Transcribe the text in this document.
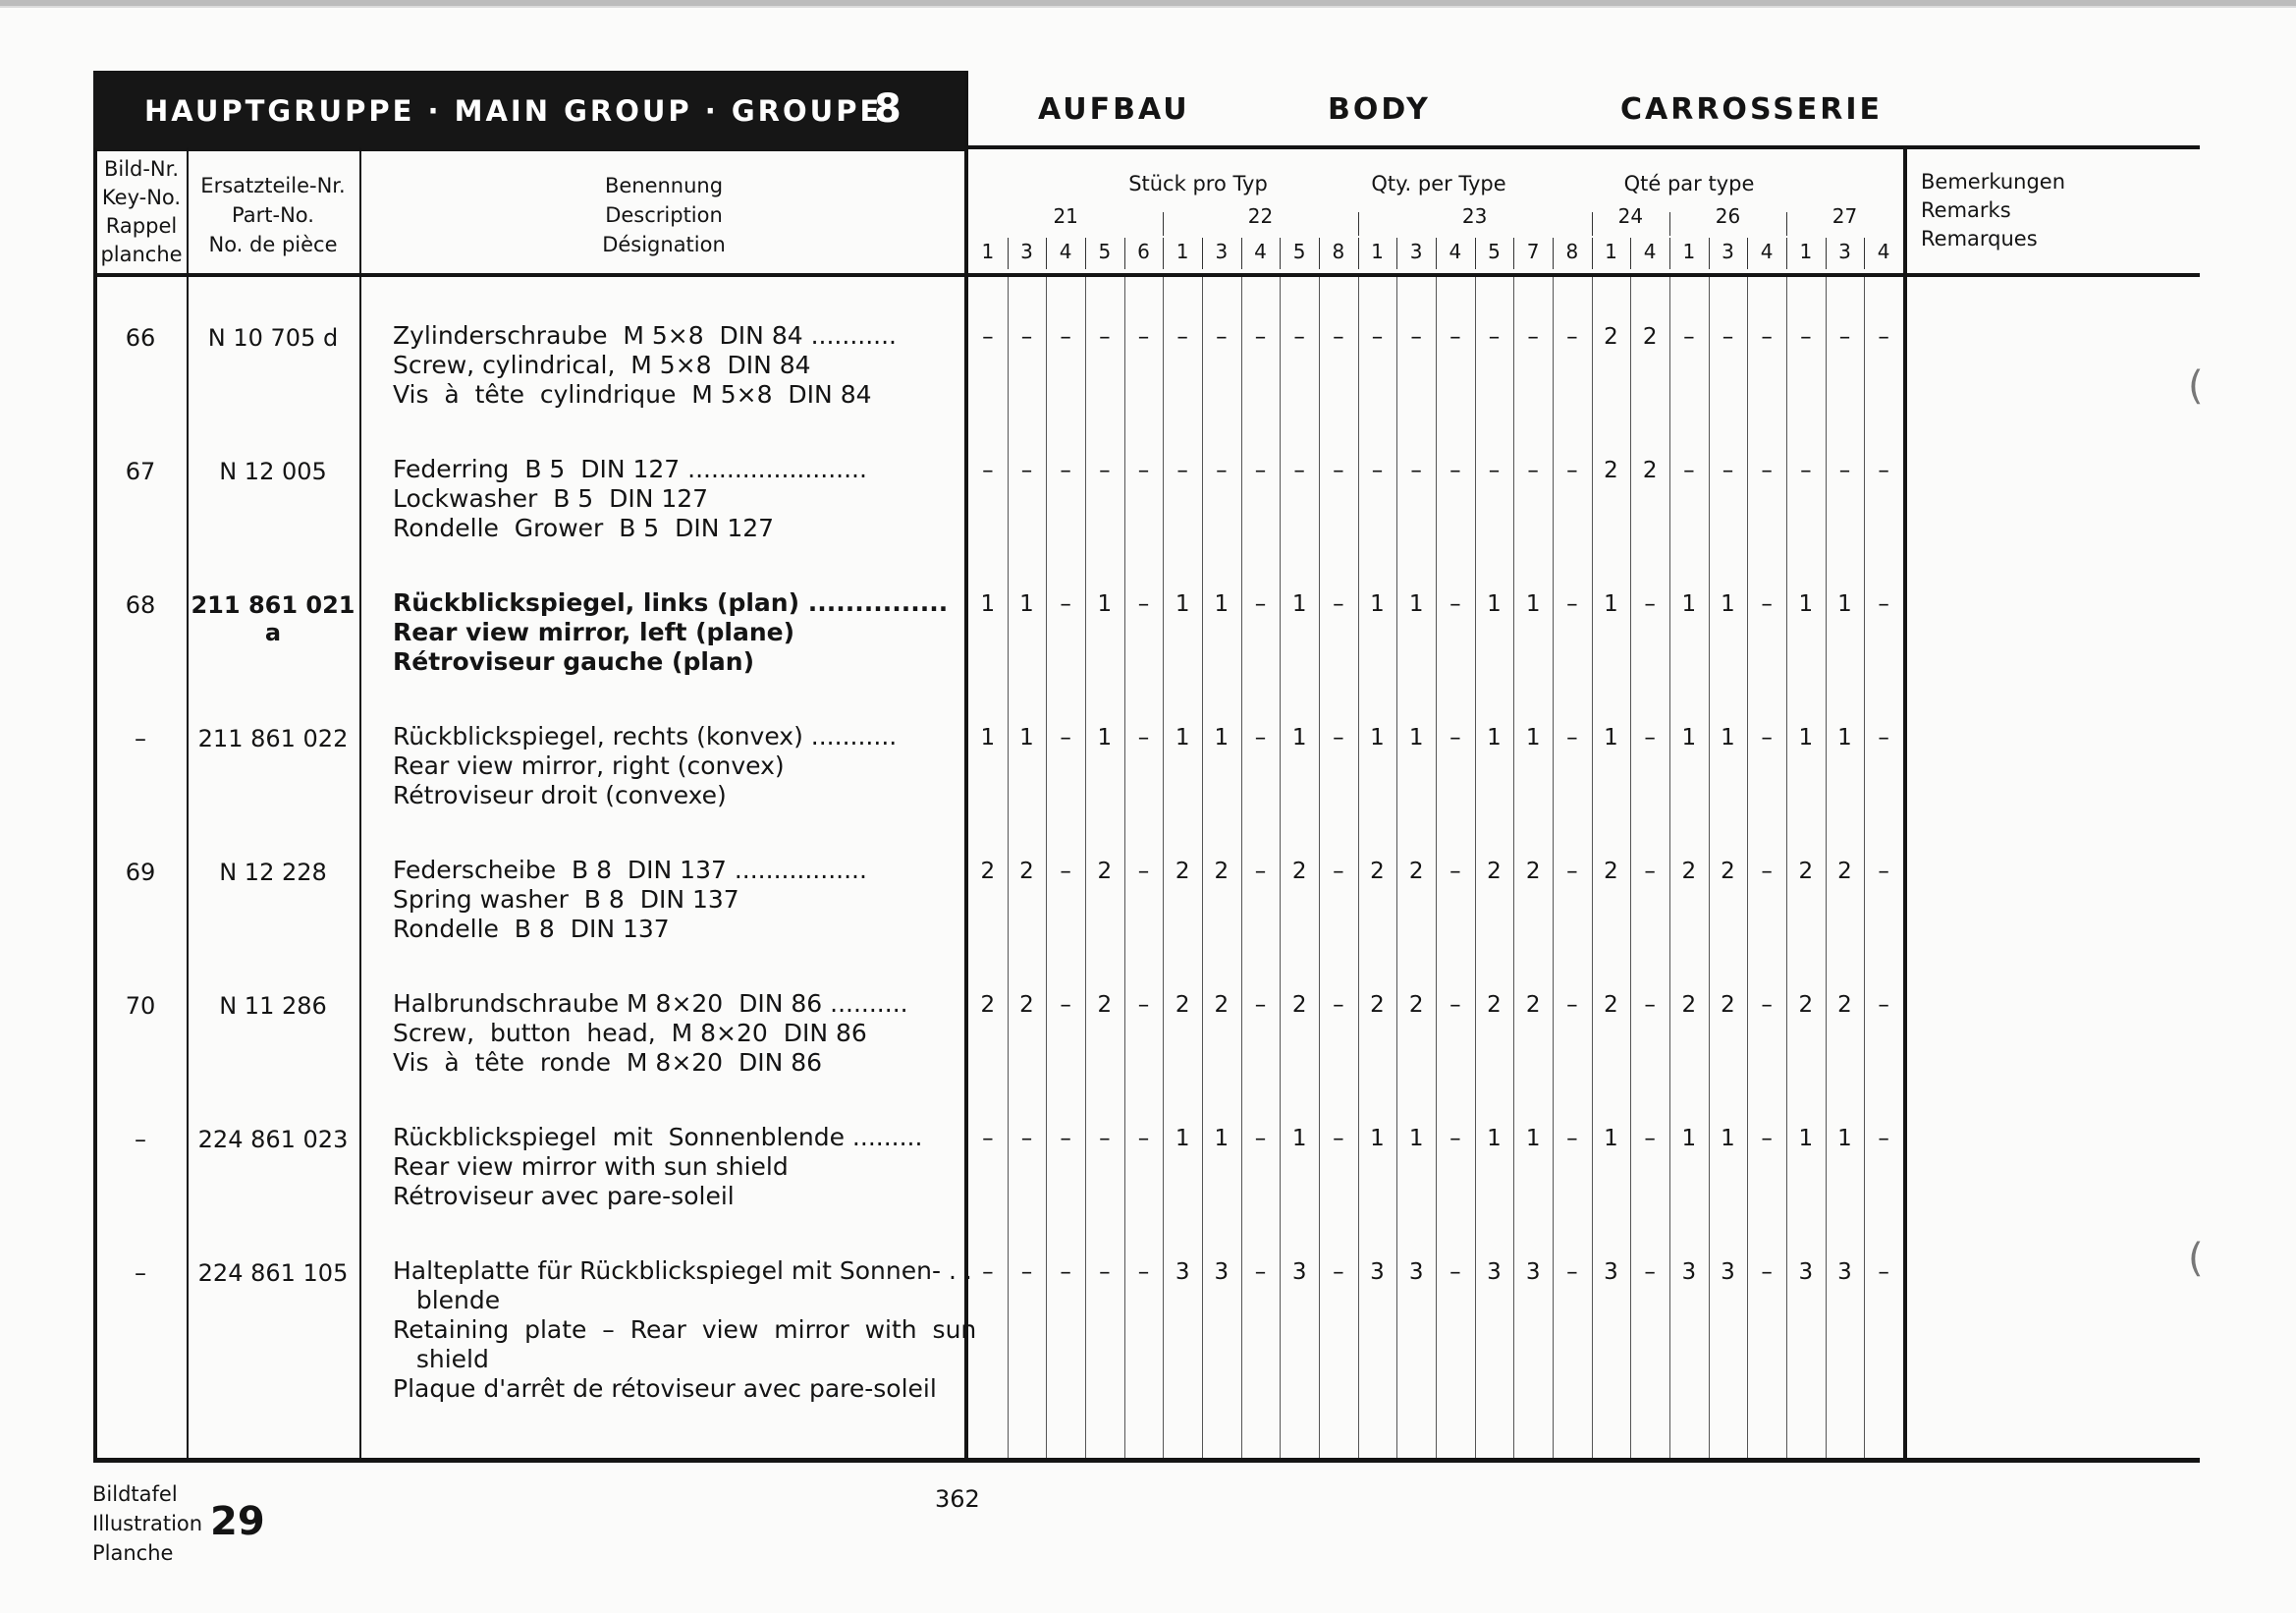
HAUPTGRUPPE · MAIN GROUP · GROUPE
8	AUFBAU	BODY	CARROSSERIE
Bild-Nr.
Key-No.
Rappel
planche
Ersatzteile-Nr.
Part-No.
No. de pièce
Benennung
Description
Désignation
Stück pro Typ	Qty. per Type	Qté par type	Bemerkungen
Remarks
Remarques
21	22	23	24	26	27
1	3	4	5	6	1	3	4	5	8	1	3	4	5	7	8	1	4	1	3	4	1	3	4
66	N 10 705 d	Zylinderschraube  M 5×8  DIN 84 ...........
Screw, cylindrical,  M 5×8  DIN 84
Vis  à  tête  cylindrique  M 5×8  DIN 84
–	–	–	–	–	–	–	–	–	–	–	–	–	–	–	–	2	2	–	–	–	–	–	–
67	N 12 005	Federring  B 5  DIN 127 .......................
Lockwasher  B 5  DIN 127
Rondelle  Grower  B 5  DIN 127
–	–	–	–	–	–	–	–	–	–	–	–	–	–	–	–	2	2	–	–	–	–	–	–
68	211 861 021 a
Rückblickspiegel, links (plan) ...............
Rear view mirror, left (plane)
Rétroviseur gauche (plan)
1	1	–	1	–	1	1	–	1	–	1	1	–	1	1	–	1	–	1	1	–	1	1	–
–	211 861 022	Rückblickspiegel, rechts (konvex) ...........
Rear view mirror, right (convex)
Rétroviseur droit (convexe)
1	1	–	1	–	1	1	–	1	–	1	1	–	1	1	–	1	–	1	1	–	1	1	–
69	N 12 228	Federscheibe  B 8  DIN 137 .................
Spring washer  B 8  DIN 137
Rondelle  B 8  DIN 137
2	2	–	2	–	2	2	–	2	–	2	2	–	2	2	–	2	–	2	2	–	2	2	–
70	N 11 286	Halbrundschraube M 8×20  DIN 86 ..........
Screw,  button  head,  M 8×20  DIN 86
Vis  à  tête  ronde  M 8×20  DIN 86
2	2	–	2	–	2	2	–	2	–	2	2	–	2	2	–	2	–	2	2	–	2	2	–
–	224 861 023	Rückblickspiegel  mit  Sonnenblende .........
Rear view mirror with sun shield
Rétroviseur avec pare-soleil
–	–	–	–	–	1	1	–	1	–	1	1	–	1	1	–	1	–	1	1	–	1	1	–
–	224 861 105	Halteplatte für Rückblickspiegel mit Sonnen- . .
blende
Retaining  plate  –  Rear  view  mirror  with  sun
shield
Plaque d'arrêt de rétoviseur avec pare-soleil
–	–	–	–	–	3	3	–	3	–	3	3	–	3	3	–	3	–	3	3	–	3	3	–
(
(
Bildtafel
Illustration
Planche
29	362
